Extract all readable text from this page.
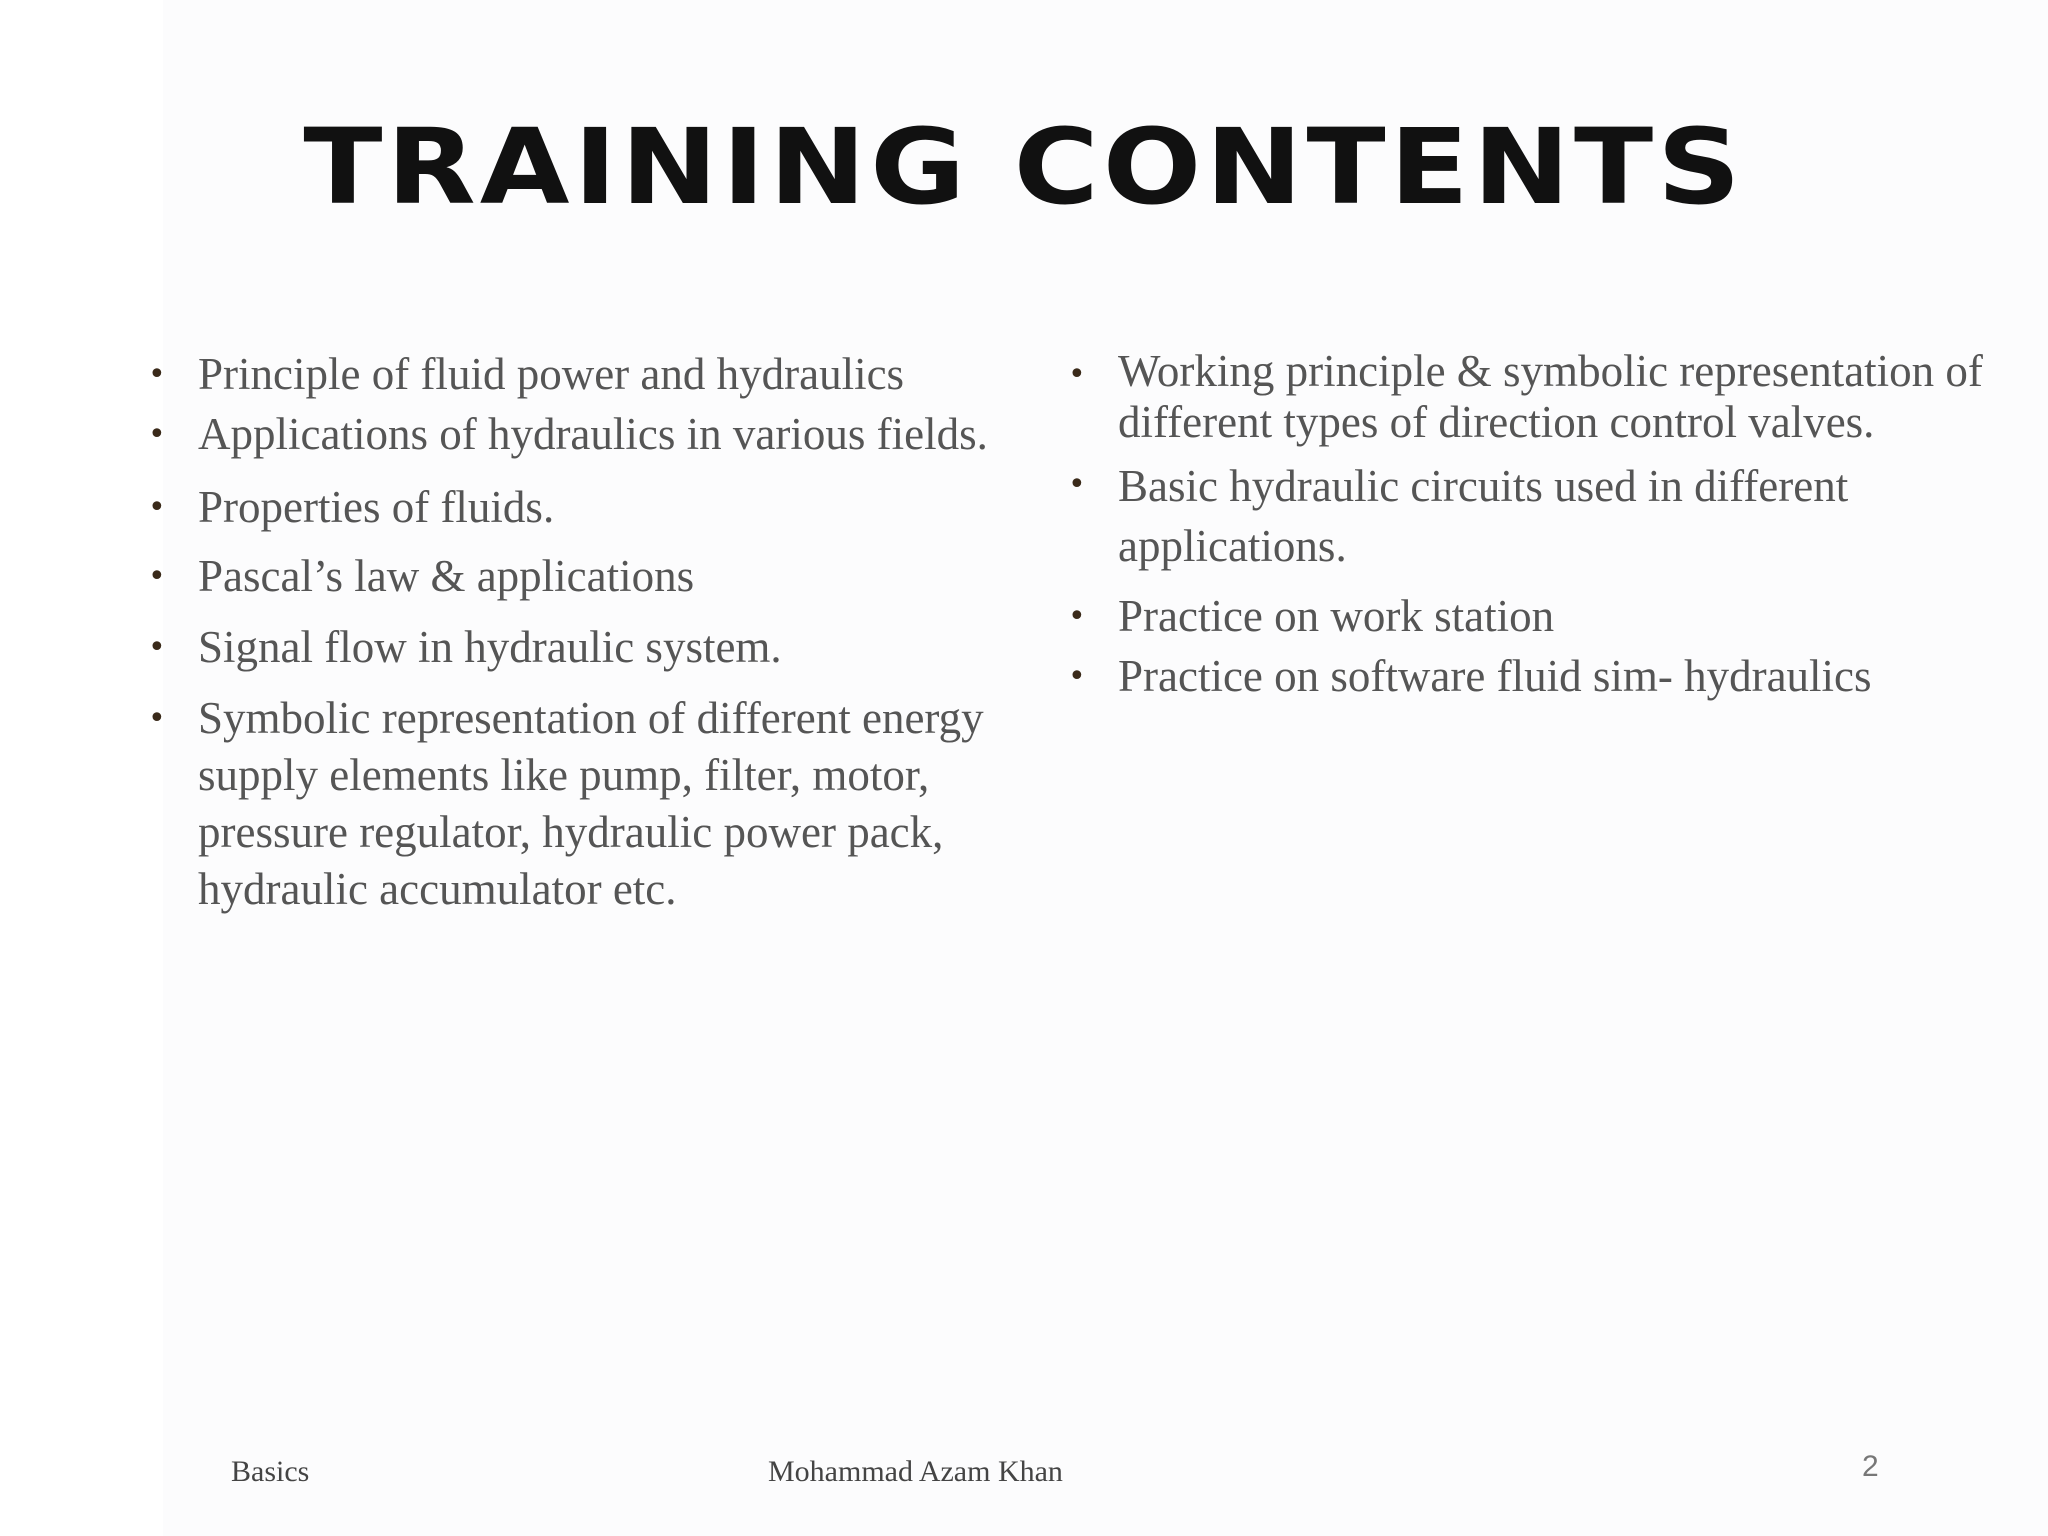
TRAINING CONTENTS
• Principle of fluid power and hydraulics
• Applications of hydraulics in various fields.
• Properties of fluids.
• Pascal’s law & applications
• Signal flow in hydraulic system.
• Symbolic representation of different energy supply elements like pump, filter, motor, pressure regulator, hydraulic power pack, hydraulic accumulator etc.
• Working principle & symbolic representation of different types of direction control valves.
• Basic hydraulic circuits used in different applications.
• Practice on work station
• Practice on software fluid sim- hydraulics
Basics	Mohammad Azam Khan	2
